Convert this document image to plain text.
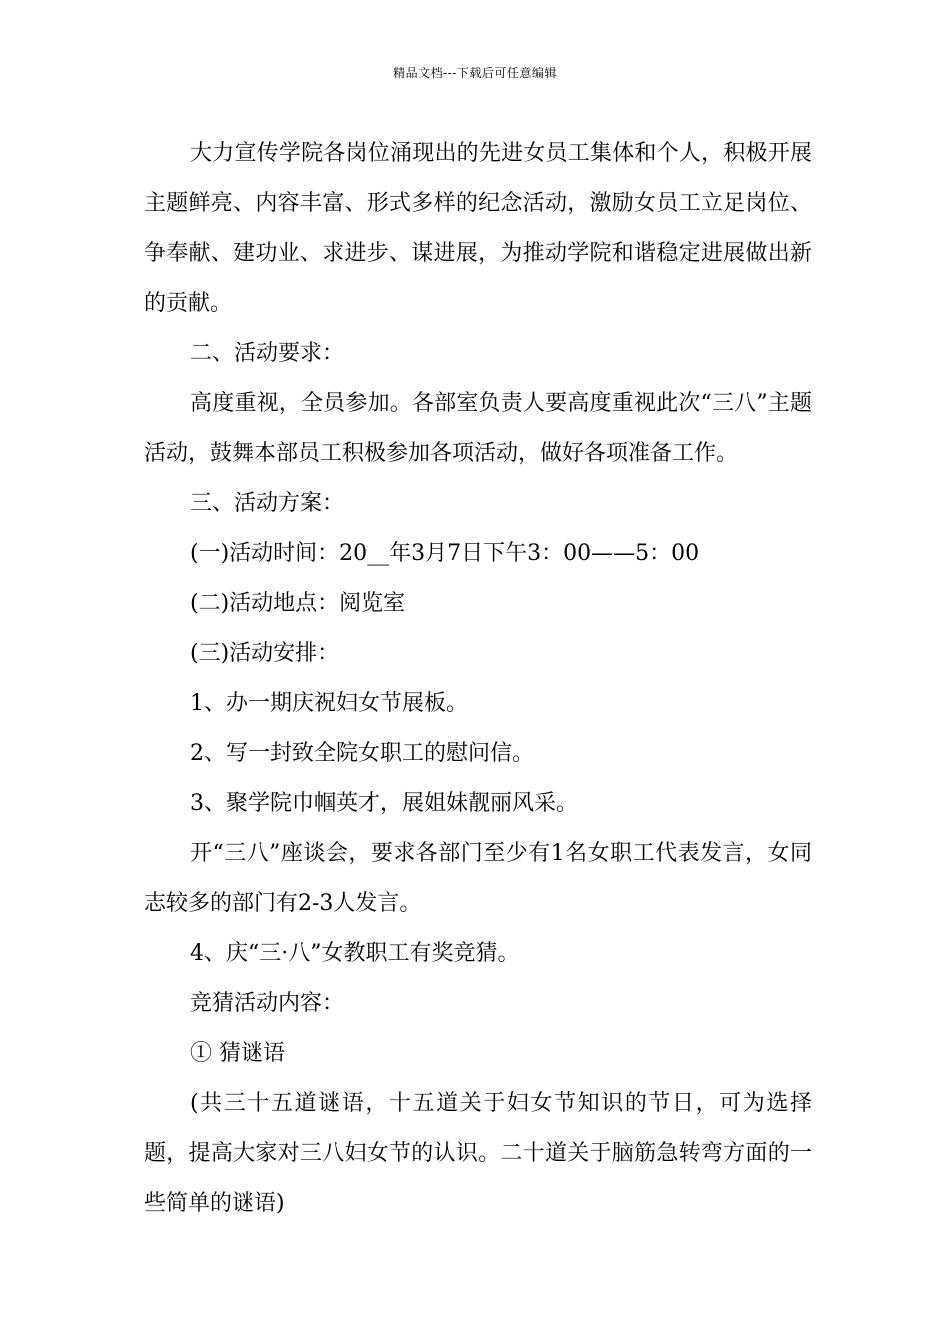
精品文档---下载后可任意编辑

大力宣传学院各岗位涌现出的先进女员工集体和个人，积极开展主题鲜亮、内容丰富、形式多样的纪念活动，激励女员工立足岗位、争奉献、建功业、求进步、谋进展，为推动学院和谐稳定进展做出新的贡献。

二、活动要求：

高度重视，全员参加。各部室负责人要高度重视此次“三八”主题活动，鼓舞本部员工积极参加各项活动，做好各项准备工作。

三、活动方案：

(一)活动时间：20__年3月7日下午3：00——5：00

(二)活动地点：阅览室

(三)活动安排：

1、办一期庆祝妇女节展板。

2、写一封致全院女职工的慰问信。

3、聚学院巾帼英才，展姐妹靓丽风采。

开“三八”座谈会，要求各部门至少有1名女职工代表发言，女同志较多的部门有2-3人发言。

4、庆“三·八”女教职工有奖竞猜。

竞猜活动内容：

① 猜谜语

(共三十五道谜语，十五道关于妇女节知识的节日，可为选择题，提高大家对三八妇女节的认识。二十道关于脑筋急转弯方面的一些简单的谜语)
